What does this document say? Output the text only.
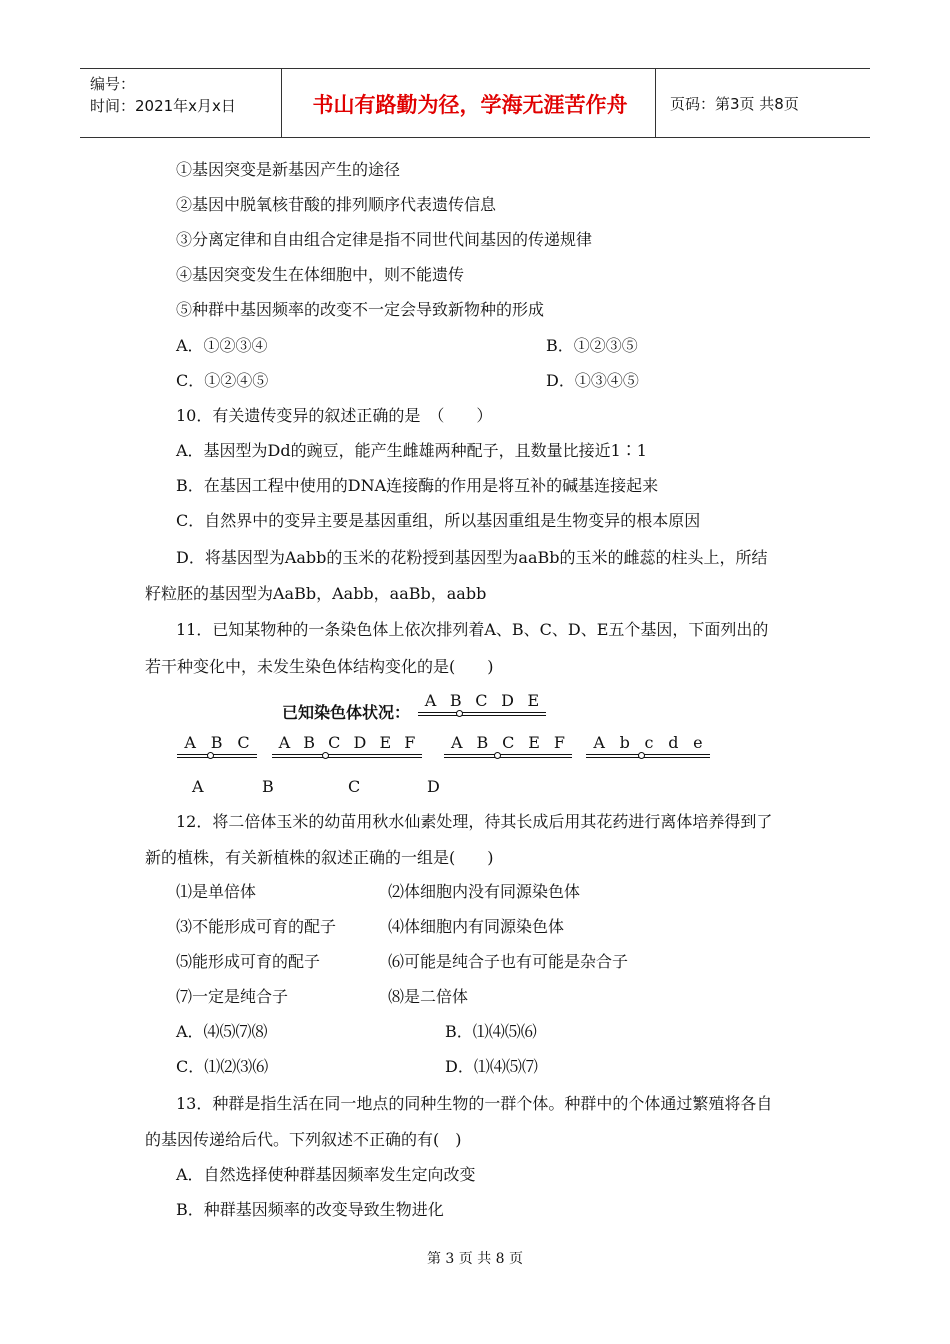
编号：
时间：2021年x月x日	书山有路勤为径，学海无涯苦作舟	页码：第3页 共8页
①基因突变是新基因产生的途径
②基因中脱氧核苷酸的排列顺序代表遗传信息
③分离定律和自由组合定律是指不同世代间基因的传递规律
④基因突变发生在体细胞中，则不能遗传
⑤种群中基因频率的改变不一定会导致新物种的形成
A．①②③④	B．①②③⑤
C．①②④⑤	D．①③④⑤
10．有关遗传变异的叙述正确的是　（　　）
A．基因型为Dd的豌豆，能产生雌雄两种配子，且数量比接近1∶1
B．在基因工程中使用的DNA连接酶的作用是将互补的碱基连接起来
C．自然界中的变异主要是基因重组，所以基因重组是生物变异的根本原因
D．将基因型为Aabb的玉米的花粉授到基因型为aaBb的玉米的雌蕊的柱头上，所结
籽粒胚的基因型为AaBb，Aabb，aaBb，aabb
11．已知某物种的一条染色体上依次排列着A、B、C、D、E五个基因，下面列出的
若干种变化中，未发生染色体结构变化的是(　　)
已知染色体状况：
A B C D E
A B C A B C D E F A B C E F A b c d e
A	B	C	D
12．将二倍体玉米的幼苗用秋水仙素处理，待其长成后用其花药进行离体培养得到了
新的植株，有关新植株的叙述正确的一组是(　　)
⑴是单倍体	⑵体细胞内没有同源染色体
⑶不能形成可育的配子	⑷体细胞内有同源染色体
⑸能形成可育的配子	⑹可能是纯合子也有可能是杂合子
⑺一定是纯合子	⑻是二倍体
A．⑷⑸⑺⑻	B．⑴⑷⑸⑹
C．⑴⑵⑶⑹	D．⑴⑷⑸⑺
13．种群是指生活在同一地点的同种生物的一群个体。种群中的个体通过繁殖将各自
的基因传递给后代。下列叙述不正确的有(　)
A．自然选择使种群基因频率发生定向改变
B．种群基因频率的改变导致生物进化
第 3 页 共 8 页
